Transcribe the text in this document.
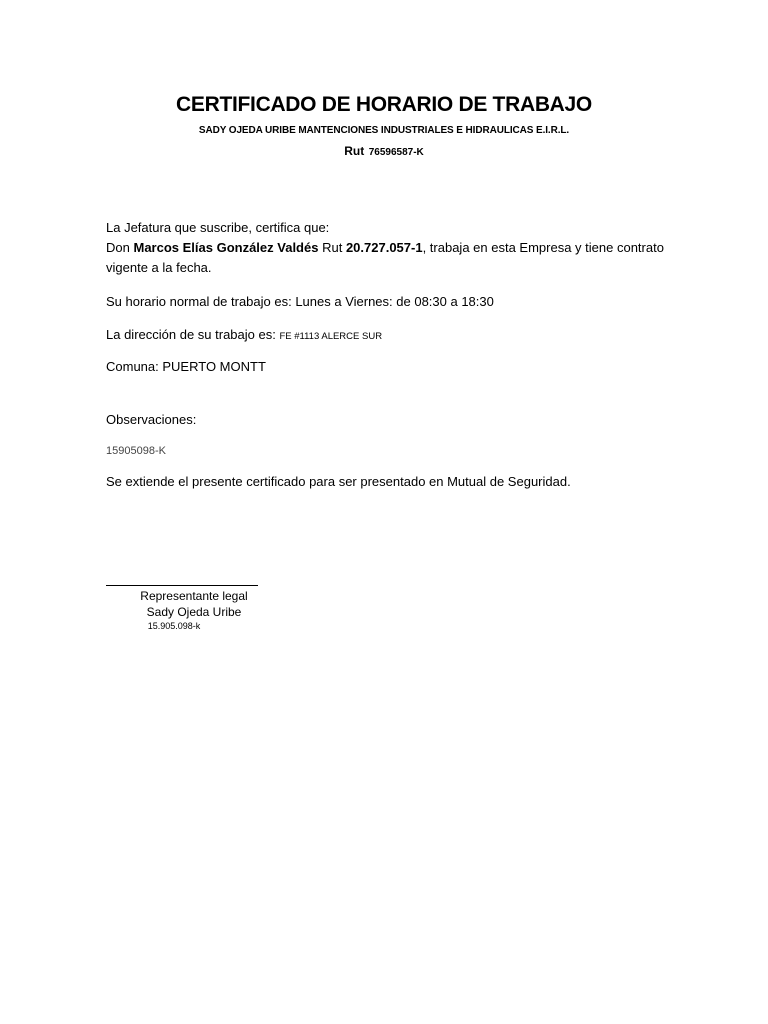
CERTIFICADO DE HORARIO DE TRABAJO
SADY OJEDA URIBE MANTENCIONES INDUSTRIALES E HIDRAULICAS E.I.R.L.
Rut 76596587-K
La Jefatura que suscribe, certifica que:
Don Marcos Elías González Valdés Rut 20.727.057-1, trabaja en esta Empresa y tiene contrato vigente a la fecha.
Su horario normal de trabajo es: Lunes a Viernes: de 08:30 a 18:30
La dirección de su trabajo es: FE #1113 ALERCE SUR
Comuna: PUERTO MONTT
Observaciones:
15905098-K
Se extiende el presente certificado para ser presentado en Mutual de Seguridad.
Representante legal
Sady Ojeda Uribe
15.905.098-k
